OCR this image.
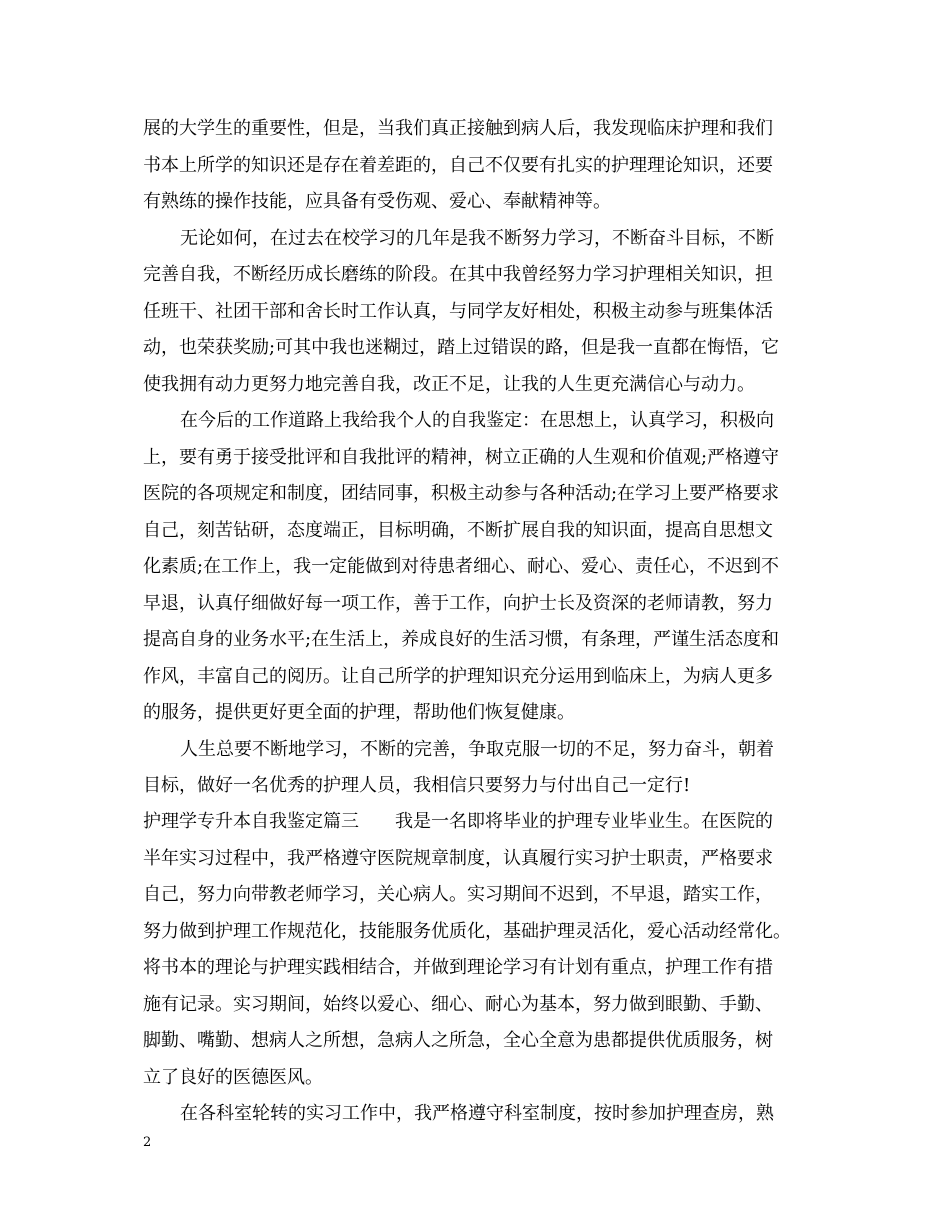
展的大学生的重要性，但是，当我们真正接触到病人后，我发现临床护理和我们
书本上所学的知识还是存在着差距的，自己不仅要有扎实的护理理论知识，还要
有熟练的操作技能，应具备有受伤观、爱心、奉献精神等。
无论如何，在过去在校学习的几年是我不断努力学习，不断奋斗目标，不断
完善自我，不断经历成长磨练的阶段。在其中我曾经努力学习护理相关知识，担
任班干、社团干部和舍长时工作认真，与同学友好相处，积极主动参与班集体活
动，也荣获奖励;可其中我也迷糊过，踏上过错误的路，但是我一直都在悔悟，它
使我拥有动力更努力地完善自我，改正不足，让我的人生更充满信心与动力。
在今后的工作道路上我给我个人的自我鉴定：在思想上，认真学习，积极向
上，要有勇于接受批评和自我批评的精神，树立正确的人生观和价值观;严格遵守
医院的各项规定和制度，团结同事，积极主动参与各种活动;在学习上要严格要求
自己，刻苦钻研，态度端正，目标明确，不断扩展自我的知识面，提高自思想文
化素质;在工作上，我一定能做到对待患者细心、耐心、爱心、责任心，不迟到不
早退，认真仔细做好每一项工作，善于工作，向护士长及资深的老师请教，努力
提高自身的业务水平;在生活上，养成良好的生活习惯，有条理，严谨生活态度和
作风，丰富自己的阅历。让自己所学的护理知识充分运用到临床上，为病人更多
的服务，提供更好更全面的护理，帮助他们恢复健康。
人生总要不断地学习，不断的完善，争取克服一切的不足，努力奋斗，朝着
目标，做好一名优秀的护理人员，我相信只要努力与付出自己一定行!
护理学专升本自我鉴定篇三 我是一名即将毕业的护理专业毕业生。在医院的
半年实习过程中，我严格遵守医院规章制度，认真履行实习护士职责，严格要求
自己，努力向带教老师学习，关心病人。实习期间不迟到，不早退，踏实工作，
努力做到护理工作规范化，技能服务优质化，基础护理灵活化，爱心活动经常化。
将书本的理论与护理实践相结合，并做到理论学习有计划有重点，护理工作有措
施有记录。实习期间，始终以爱心、细心、耐心为基本，努力做到眼勤、手勤、
脚勤、嘴勤、想病人之所想，急病人之所急，全心全意为患都提供优质服务，树
立了良好的医德医风。
在各科室轮转的实习工作中，我严格遵守科室制度，按时参加护理查房，熟
2
